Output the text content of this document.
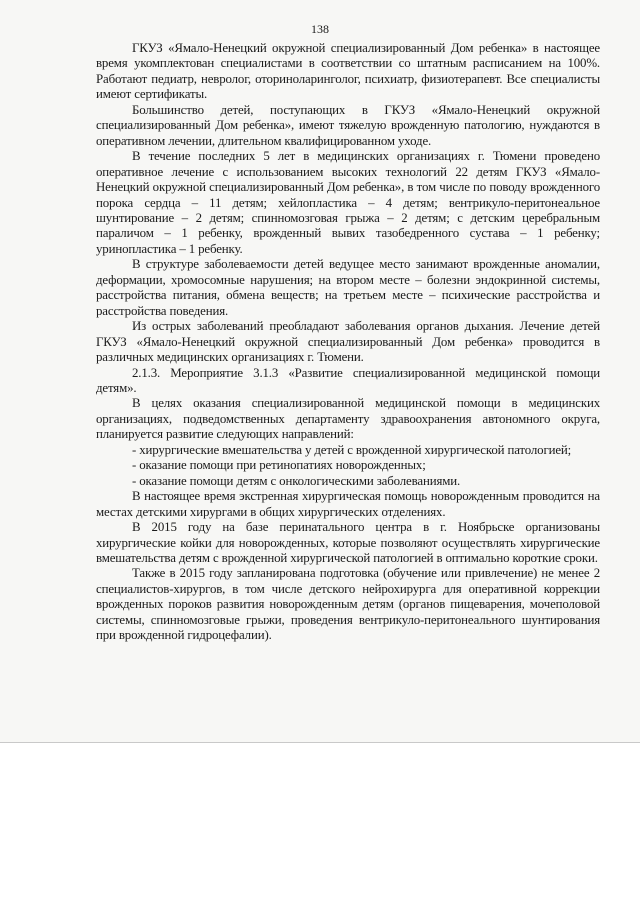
138

ГКУЗ «Ямало-Ненецкий окружной специализированный Дом ребенка» в настоящее время укомплектован специалистами в соответствии со штатным расписанием на 100%. Работают педиатр, невролог, оториноларинголог, психиатр, физиотерапевт. Все специалисты имеют сертификаты.

Большинство детей, поступающих в ГКУЗ «Ямало-Ненецкий окружной специализированный Дом ребенка», имеют тяжелую врожденную патологию, нуждаются в оперативном лечении, длительном квалифицированном уходе.

В течение последних 5 лет в медицинских организациях г. Тюмени проведено оперативное лечение с использованием высоких технологий 22 детям ГКУЗ «Ямало-Ненецкий окружной специализированный Дом ребенка», в том числе по поводу врожденного порока сердца – 11 детям; хейлопластика – 4 детям; вентрикуло-перитонеальное шунтирование – 2 детям; спинномозговая грыжа – 2 детям; с детским церебральным параличом – 1 ребенку, врожденный вывих тазобедренного сустава – 1 ребенку; уринопластика – 1 ребенку.

В структуре заболеваемости детей ведущее место занимают врожденные аномалии, деформации, хромосомные нарушения; на втором месте – болезни эндокринной системы, расстройства питания, обмена веществ; на третьем месте – психические расстройства и расстройства поведения.

Из острых заболеваний преобладают заболевания органов дыхания. Лечение детей ГКУЗ «Ямало-Ненецкий окружной специализированный Дом ребенка» проводится в различных медицинских организациях г. Тюмени.

2.1.3. Мероприятие 3.1.3 «Развитие специализированной медицинской помощи детям».

В целях оказания специализированной медицинской помощи в медицинских организациях, подведомственных департаменту здравоохранения автономного округа, планируется развитие следующих направлений:

- хирургические вмешательства у детей с врожденной хирургической патологией;

- оказание помощи при ретинопатиях новорожденных;

- оказание помощи детям с онкологическими заболеваниями.

В настоящее время экстренная хирургическая помощь новорожденным проводится на местах детскими хирургами в общих хирургических отделениях.

В 2015 году на базе перинатального центра в г. Ноябрьске организованы хирургические койки для новорожденных, которые позволяют осуществлять хирургические вмешательства детям с врожденной хирургической патологией в оптимально короткие сроки.

Также в 2015 году запланирована подготовка (обучение или привлечение) не менее 2 специалистов-хирургов, в том числе детского нейрохирурга для оперативной коррекции врожденных пороков развития новорожденным детям (органов пищеварения, мочеполовой системы, спинномозговые грыжи, проведения вентрикуло-перитонеального шунтирования при врожденной гидроцефалии).
